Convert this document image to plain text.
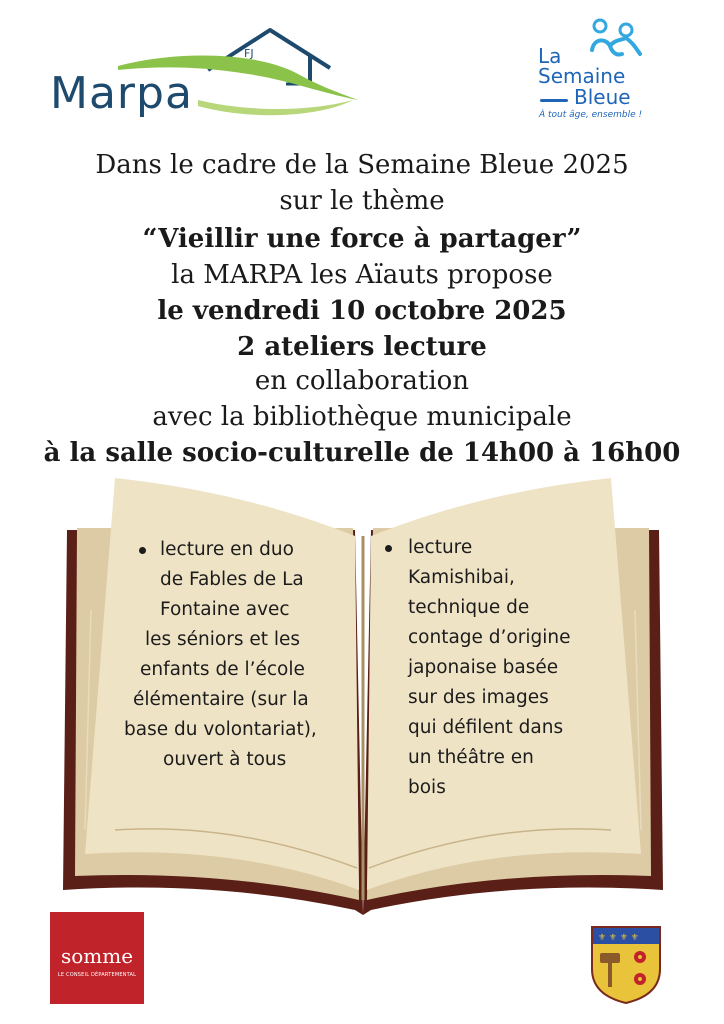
FJ
Marpa
La
Semaine
Bleue
À tout âge, ensemble !
Dans le cadre de la Semaine Bleue 2025
sur le thème
“Vieillir une force à partager”
la MARPA les Aïauts propose
le vendredi 10 octobre 2025
2 ateliers lecture
en collaboration
avec la bibliothèque municipale
à la salle socio-culturelle de 14h00 à 16h00
lecture en duo
de Fables de La
Fontaine avec
les séniors et les
enfants de l’école
élémentaire (sur la
base du volontariat),
ouvert à tous
lecture
Kamishibai,
technique de
contage d’origine
japonaise basée
sur des images
qui défilent dans
un théâtre en
bois
somme
LE CONSEIL DÉPARTEMENTAL
⚜ ⚜ ⚜ ⚜
